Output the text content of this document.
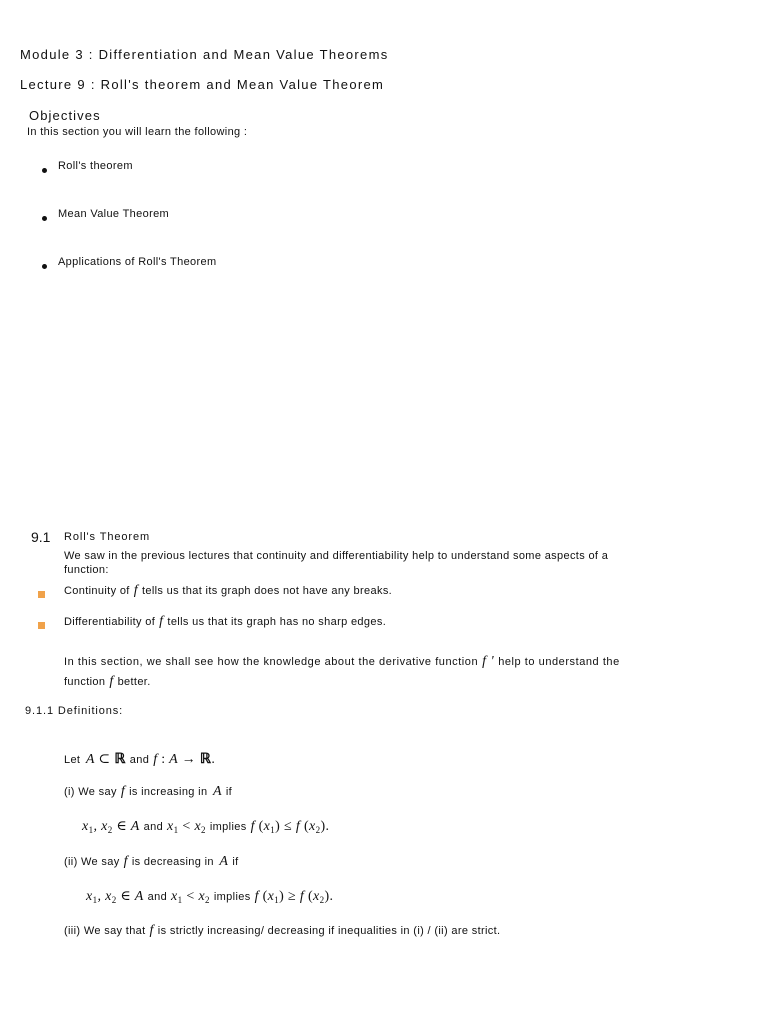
Module 3 : Differentiation and Mean Value Theorems
Lecture 9 : Roll's theorem and Mean Value Theorem
Objectives
In this section you will learn the following :
Roll's theorem
Mean Value Theorem
Applications of Roll's Theorem
9.1 Roll's Theorem
We saw in the previous lectures that continuity and differentiability help to understand some aspects of a
function:
Continuity of f tells us that its graph does not have any breaks.
Differentiability of f tells us that its graph has no sharp edges.
In this section, we shall see how the knowledge about the derivative function f ' help to understand the
function f better.
9.1.1 Definitions:
Let  A ⊂ ℝ and f : A → ℝ.
(i) We say f is increasing in  A if
$x_1$, $x_2$ ∈ A and $x_1 < x_2$ implies f $(x_1) \le f$ $(x_2)$.
(ii) We say f is decreasing in  A if
$x_1$, $x_2$ ∈ A and $x_1 < x_2$ implies f $(x_1) \ge f$ $(x_2)$.
(iii) We say that f is strictly increasing/ decreasing if inequalities in (i) / (ii) are strict.
